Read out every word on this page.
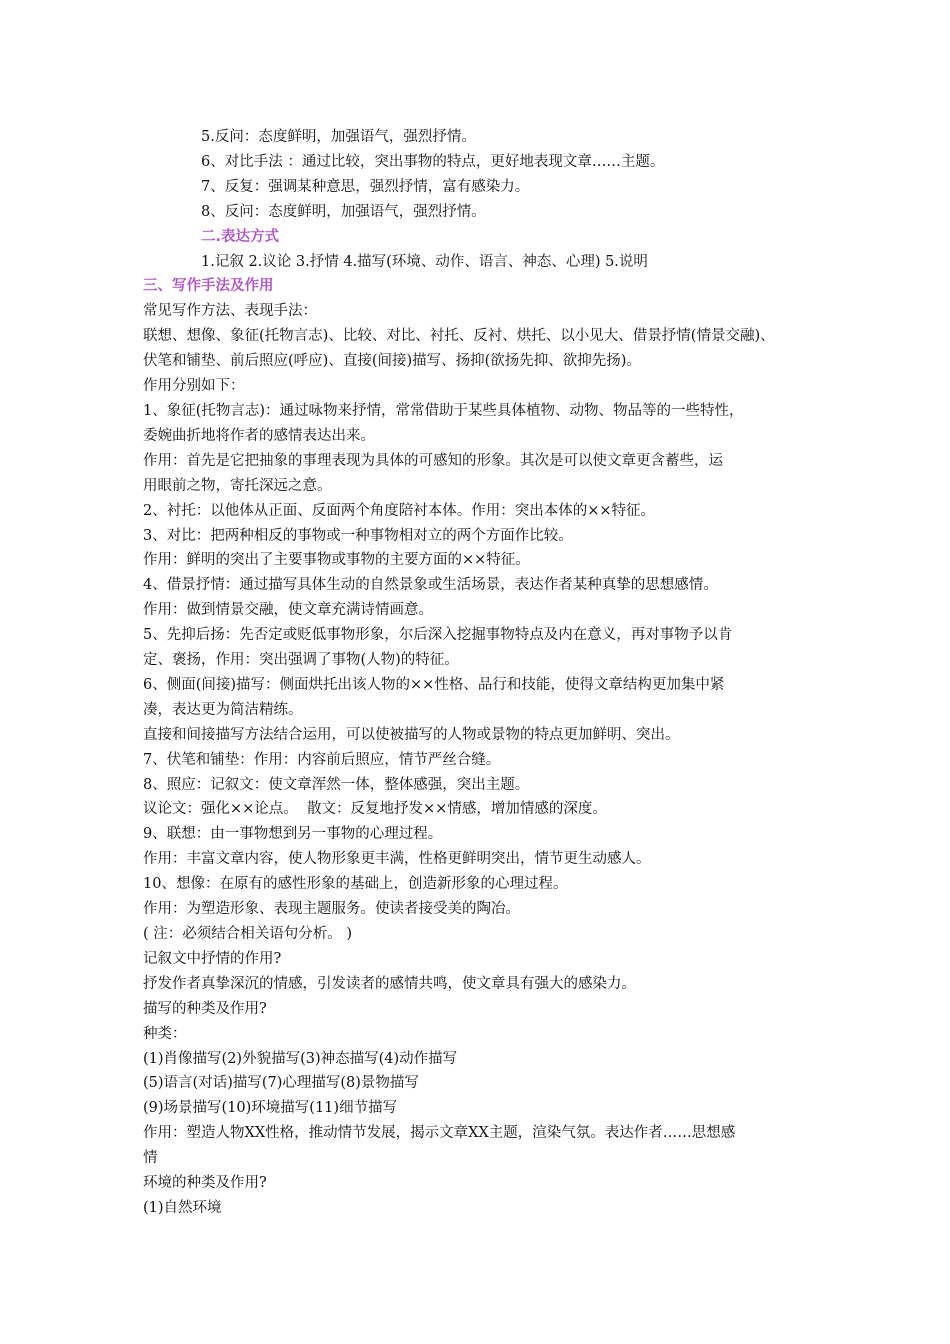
5.反问：态度鲜明，加强语气，强烈抒情。
6、对比手法 ：通过比较，突出事物的特点，更好地表现文章……主题。
7、反复：强调某种意思，强烈抒情，富有感染力。
8、反问：态度鲜明，加强语气，强烈抒情。
二.表达方式
1.记叙 2.议论 3.抒情 4.描写(环境、动作、语言、神态、心理) 5.说明
三、写作手法及作用
常见写作方法、表现手法：
联想、想像、象征(托物言志)、比较、对比、衬托、反衬、烘托、以小见大、借景抒情(情景交融)、
伏笔和铺垫、前后照应(呼应)、直接(间接)描写、扬抑(欲扬先抑、欲抑先扬)。
作用分别如下：
1、象征(托物言志)：通过咏物来抒情，常常借助于某些具体植物、动物、物品等的一些特性，
委婉曲折地将作者的感情表达出来。
作用：首先是它把抽象的事理表现为具体的可感知的形象。其次是可以使文章更含蓄些，运
用眼前之物，寄托深远之意。
2、衬托：以他体从正面、反面两个角度陪衬本体。作用：突出本体的××特征。
3、对比：把两种相反的事物或一种事物相对立的两个方面作比较。
作用：鲜明的突出了主要事物或事物的主要方面的××特征。
4、借景抒情：通过描写具体生动的自然景象或生活场景，表达作者某种真挚的思想感情。
作用：做到情景交融，使文章充满诗情画意。
5、先抑后扬：先否定或贬低事物形象，尔后深入挖掘事物特点及内在意义，再对事物予以肯
定、褒扬，作用：突出强调了事物(人物)的特征。
6、侧面(间接)描写：侧面烘托出该人物的××性格、品行和技能，使得文章结构更加集中紧
凑，表达更为简洁精练。
直接和间接描写方法结合运用，可以使被描写的人物或景物的特点更加鲜明、突出。
7、伏笔和铺垫：作用：内容前后照应，情节严丝合缝。
8、照应：记叙文：使文章浑然一体，整体感强，突出主题。
议论文：强化××论点。  散文：反复地抒发××情感，增加情感的深度。
9、联想：由一事物想到另一事物的心理过程。
作用：丰富文章内容，使人物形象更丰满，性格更鲜明突出，情节更生动感人。
10、想像：在原有的感性形象的基础上，创造新形象的心理过程。
作用：为塑造形象、表现主题服务。使读者接受美的陶冶。
( 注：必须结合相关语句分析。 )
记叙文中抒情的作用?
抒发作者真挚深沉的情感，引发读者的感情共鸣，使文章具有强大的感染力。
描写的种类及作用?
种类：
(1)肖像描写(2)外貌描写(3)神态描写(4)动作描写
(5)语言(对话)描写(7)心理描写(8)景物描写
(9)场景描写(10)环境描写(11)细节描写
作用：塑造人物XX性格，推动情节发展，揭示文章XX主题，渲染气氛。表达作者……思想感
情
环境的种类及作用?
(1)自然环境
